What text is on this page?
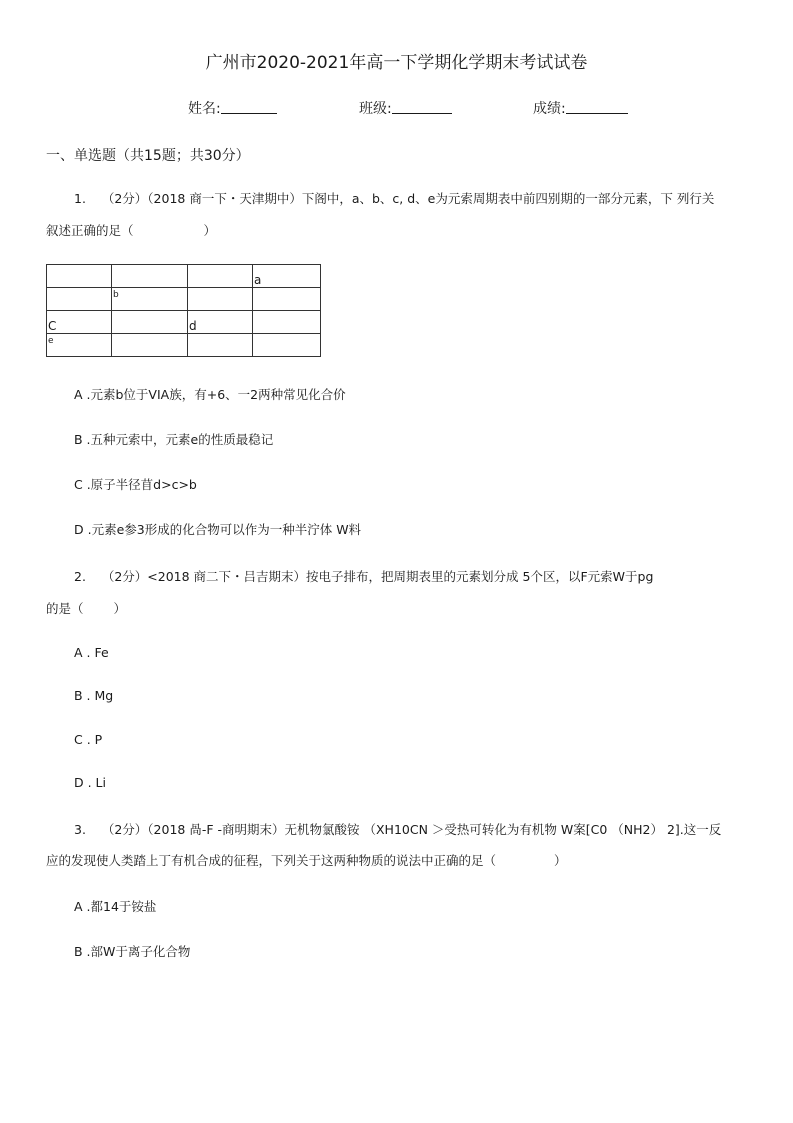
广州市2020-2021年高一下学期化学期末考试试卷
姓名:	班级:	成绩:
一、单选题（共15题；共30分）
1. （2分）（2018 商一下・天津期中）下阁中，a、b、c, d、e为元索周期表中前四别期的一部分元素，下 列行关
叙述正确的足（	）
			a
	b		
C		d	
e			
A .元素b位于VIA族，有+6、一2两种常见化合价
B .五种元索中，元素e的性质最稳记
C .原子半径苜d>c>b
D .元素e参3形成的化合物可以作为一种半泞体 W料
2. （2分）<2018 商二下・吕吉期末）按电子排布，把周期表里的元素划分成 5个区，以F元索W于pg
的是（ ）
A . Fe
B . Mg
C . P
D . Li
3. （2分）（2018 咼-F -商明期末）无机物氯酸铵 （XH10CN ＞受热可转化为有机物 W案[C0 （NH2） 2].这一反
应的发现使人类踏上丁有机合成的征程，下列关于这两种物质的说法中正确的足（	）
A .都14于铵盐
B .部W于离子化合物
